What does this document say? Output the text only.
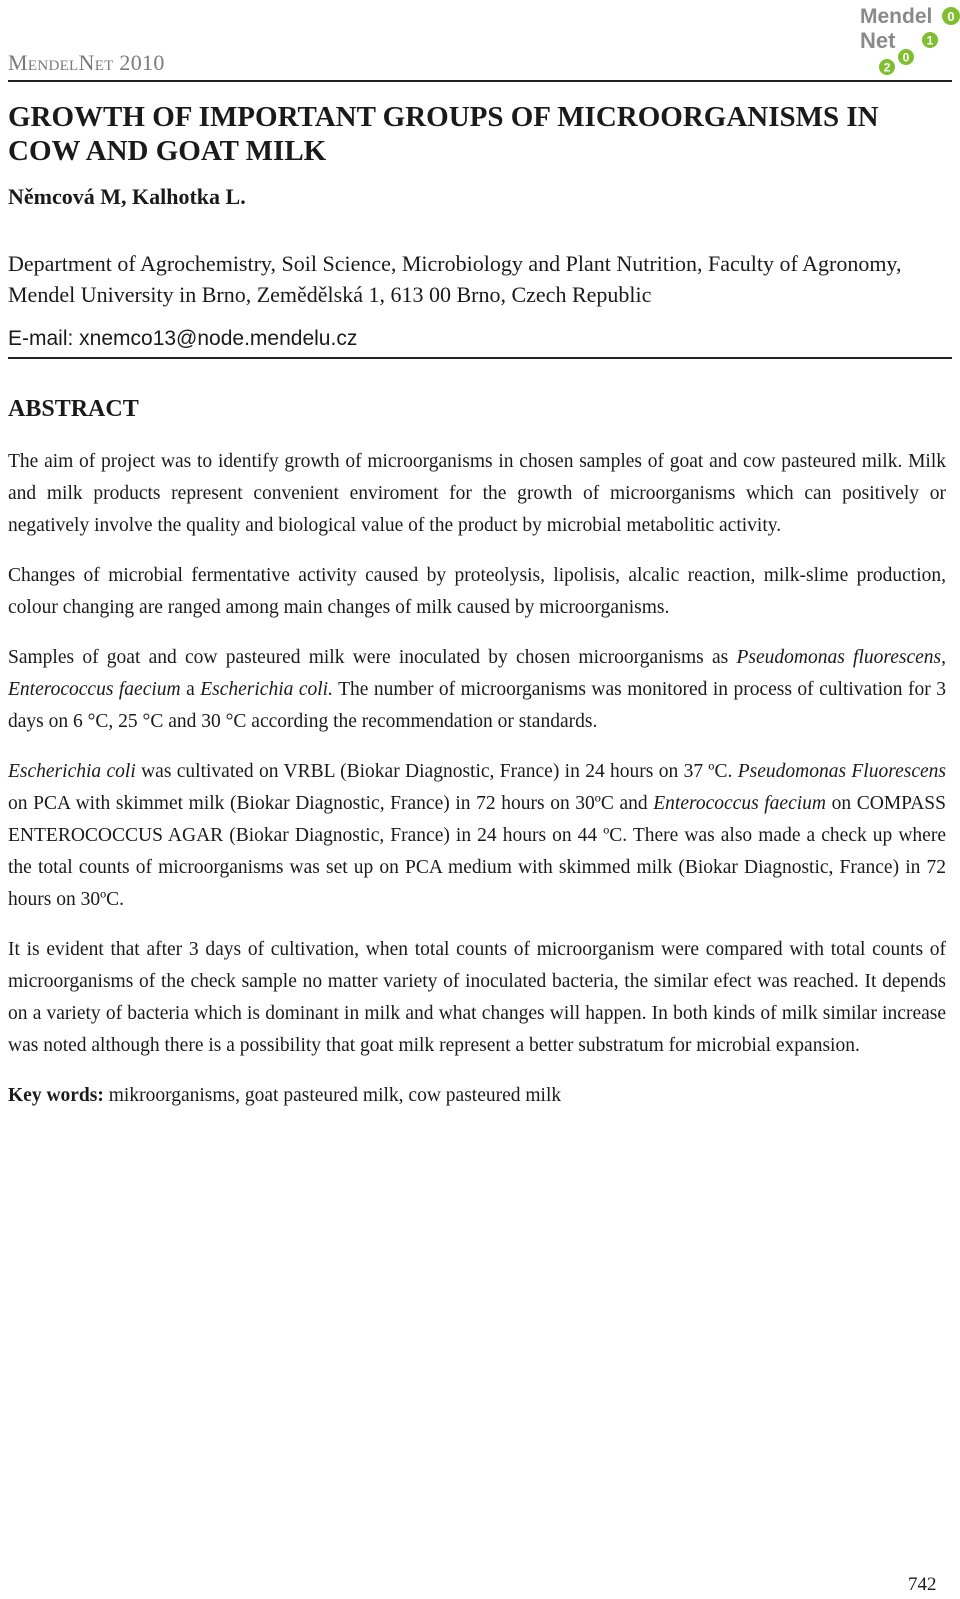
MendelNet 2010
Mendel 0
Net	1
0
2
GROWTH OF IMPORTANT GROUPS OF MICROORGANISMS IN COW AND GOAT MILK
Němcová M, Kalhotka L.
Department of Agrochemistry, Soil Science, Microbiology and Plant Nutrition, Faculty of Agronomy, Mendel University in Brno, Zemědělská 1, 613 00 Brno, Czech Republic
E-mail: xnemco13@node.mendelu.cz
ABSTRACT

The aim of project was to identify growth of microorganisms in chosen samples of goat and cow pasteured milk. Milk and milk products represent convenient enviroment for the growth of microorganisms which can positively or negatively involve the quality and biological value of the product by microbial metabolitic activity.

Changes of microbial fermentative activity caused by proteolysis, lipolisis, alcalic reaction, milk-slime production, colour changing are ranged among main changes of milk caused by microorganisms.

Samples of goat and cow pasteured milk were inoculated by chosen microorganisms as Pseudomonas fluorescens, Enterococcus faecium a Escherichia coli. The number of microorganisms was monitored in process of cultivation for 3 days on 6 °C, 25 °C and 30 °C according the recommendation or standards.

Escherichia coli was cultivated on VRBL (Biokar Diagnostic, France) in 24 hours on 37 ºC. Pseudomonas Fluorescens on PCA with skimmet milk (Biokar Diagnostic, France) in 72 hours on 30ºC and Enterococcus faecium on COMPASS ENTEROCOCCUS AGAR (Biokar Diagnostic, France) in 24 hours on 44 ºC. There was also made a check up where the total counts of microorganisms was set up on PCA medium with skimmed milk (Biokar Diagnostic, France) in 72 hours on 30ºC.

It is evident that after 3 days of cultivation, when total counts of microorganism were compared with total counts of microorganisms of the check sample no matter variety of inoculated bacteria, the similar efect was reached. It depends on a variety of bacteria which is dominant in milk and what changes will happen. In both kinds of milk similar increase was noted although there is a possibility that goat milk represent a better substratum for microbial expansion.

Key words: mikroorganisms, goat pasteured milk, cow pasteured milk

742
